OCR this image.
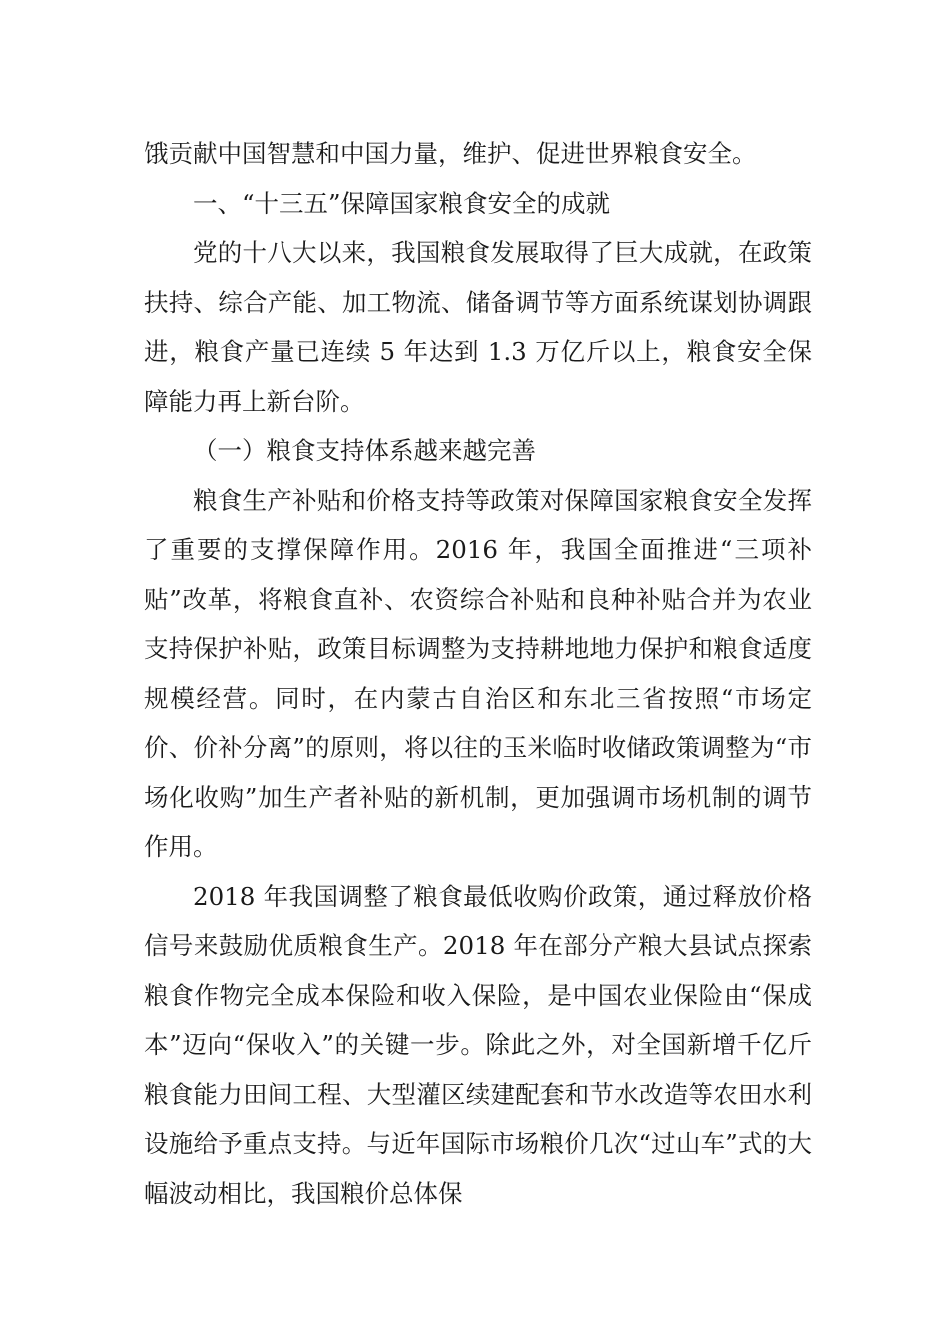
饿贡献中国智慧和中国力量，维护、促进世界粮食安全。

一、“十三五”保障国家粮食安全的成就

党的十八大以来，我国粮食发展取得了巨大成就，在政策扶持、综合产能、加工物流、储备调节等方面系统谋划协调跟进，粮食产量已连续 5 年达到 1.3 万亿斤以上，粮食安全保障能力再上新台阶。

（一）粮食支持体系越来越完善

粮食生产补贴和价格支持等政策对保障国家粮食安全发挥了重要的支撑保障作用。2016 年，我国全面推进“三项补贴”改革，将粮食直补、农资综合补贴和良种补贴合并为农业支持保护补贴，政策目标调整为支持耕地地力保护和粮食适度规模经营。同时，在内蒙古自治区和东北三省按照“市场定价、价补分离”的原则，将以往的玉米临时收储政策调整为“市场化收购”加生产者补贴的新机制，更加强调市场机制的调节作用。

2018 年我国调整了粮食最低收购价政策，通过释放价格信号来鼓励优质粮食生产。2018 年在部分产粮大县试点探索粮食作物完全成本保险和收入保险，是中国农业保险由“保成本”迈向“保收入”的关键一步。除此之外，对全国新增千亿斤粮食能力田间工程、大型灌区续建配套和节水改造等农田水利设施给予重点支持。与近年国际市场粮价几次“过山车”式的大幅波动相比，我国粮价总体保
